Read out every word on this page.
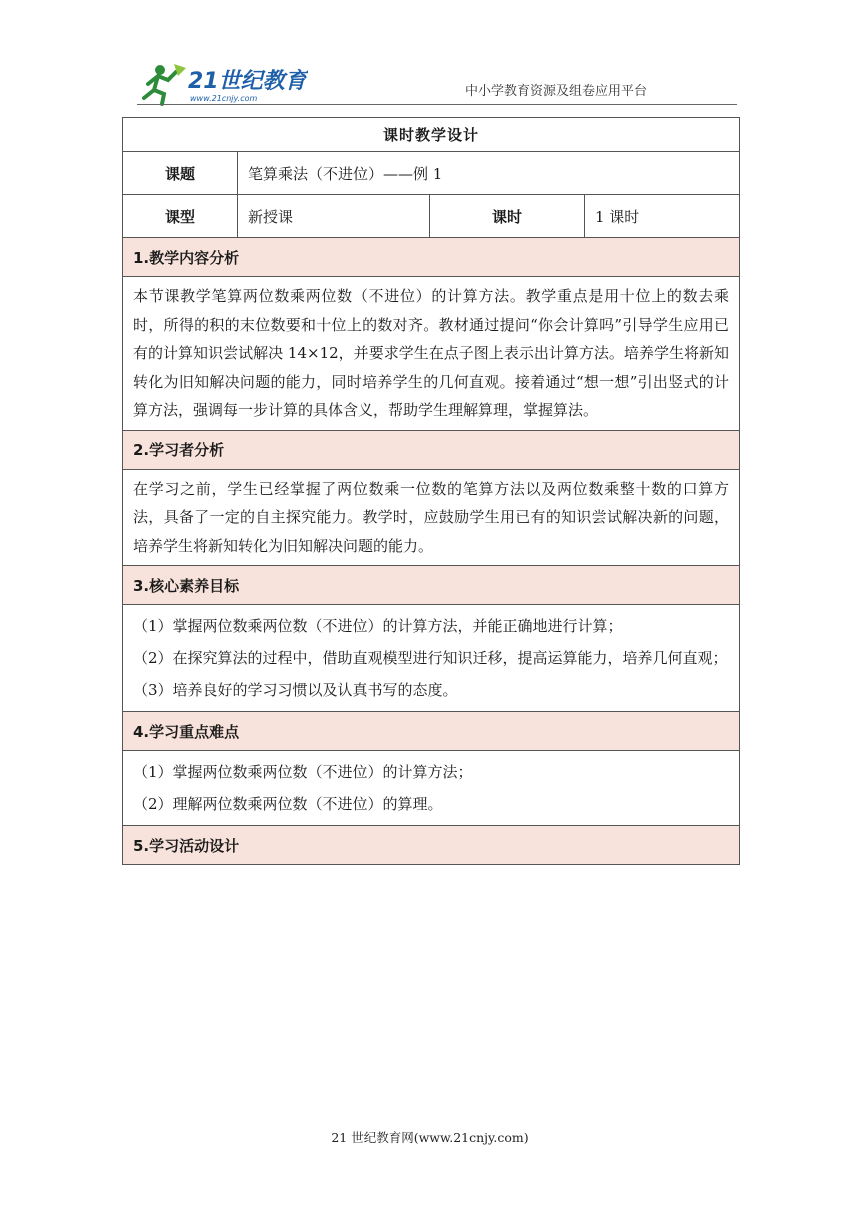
21世纪教育
www.21cnjy.com	中小学教育资源及组卷应用平台
课时教学设计			
课题	笔算乘法（不进位）——例 1		
课型	新授课	课时	1 课时
1.教学内容分析			

本节课教学笔算两位数乘两位数（不进位）的计算方法。教学重点是用十位上的数去乘时，所得的积的末位数要和十位上的数对齐。教材通过提问“你会计算吗”引导学生应用已有的计算知识尝试解决 14×12，并要求学生在点子图上表示出计算方法。培养学生将新知转化为旧知解决问题的能力，同时培养学生的几何直观。接着通过“想一想”引出竖式的计算方法，强调每一步计算的具体含义，帮助学生理解算理，掌握算法。			

2.学习者分析			

在学习之前，学生已经掌握了两位数乘一位数的笔算方法以及两位数乘整十数的口算方法，具备了一定的自主探究能力。教学时，应鼓励学生用已有的知识尝试解决新的问题，培养学生将新知转化为旧知解决问题的能力。			

3.核心素养目标			

（1）掌握两位数乘两位数（不进位）的计算方法，并能正确地进行计算；

（2）在探究算法的过程中，借助直观模型进行知识迁移，提高运算能力，培养几何直观；

（3）培养良好的学习习惯以及认真书写的态度。			

4.学习重点难点			

（1）掌握两位数乘两位数（不进位）的计算方法；

（2）理解两位数乘两位数（不进位）的算理。			

5.学习活动设计			
21 世纪教育网(www.21cnjy.com)
